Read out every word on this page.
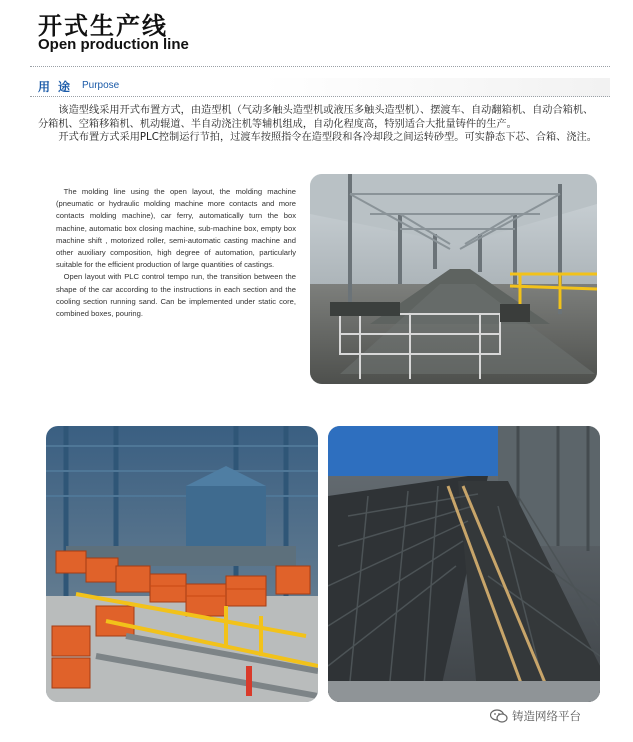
开式生产线
Open production line
用途 Purpose

该造型线采用开式布置方式，由造型机（气动多触头造型机或液压多触头造型机）、摆渡车、自动翻箱机、自动合箱机、分箱机、空箱移箱机、机动辊道、半自动浇注机等辅机组成，自动化程度高，特别适合大批量铸件的生产。

开式布置方式采用PLC控制运行节拍，过渡车按照指令在造型段和各冷却段之间运转砂型。可实静态下芯、合箱、浇注。

The molding line using the open layout, the molding machine (pneumatic or hydraulic molding machine more contacts and more contacts molding machine), car ferry, automatically turn the box machine, automatic box closing machine, sub-machine box, empty box machine shift , motorized roller, semi-automatic casting machine and other auxiliary composition, high degree of automation, particularly suitable for the efficient production of large quantities of castings.

Open layout with PLC control tempo run, the transition between the shape of the car according to the instructions in each section and the cooling section running sand. Can be implemented under static core, combined boxes, pouring.

铸造网络平台
